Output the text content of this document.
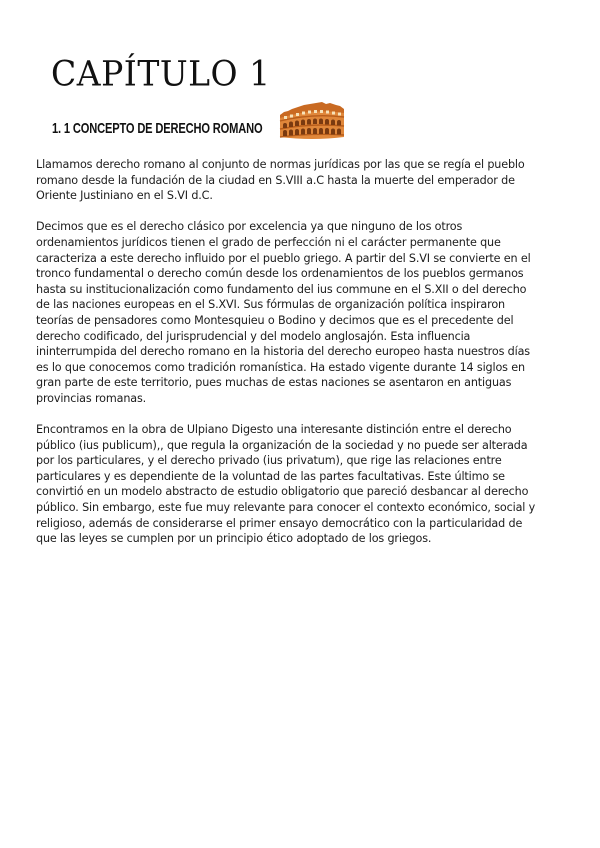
CAPÍTULO 1
1. 1 CONCEPTO DE DERECHO ROMANO

Llamamos derecho romano al conjunto de normas jurídicas por las que se regía el pueblo
romano desde la fundación de la ciudad en S.VIII a.C hasta la muerte del emperador de
Oriente Justiniano en el S.VI d.C.

Decimos que es el derecho clásico por excelencia ya que ninguno de los otros
ordenamientos jurídicos tienen el grado de perfección ni el carácter permanente que
caracteriza a este derecho influido por el pueblo griego. A partir del S.VI se convierte en el
tronco fundamental o derecho común desde los ordenamientos de los pueblos germanos
hasta su institucionalización como fundamento del ius commune en el S.XII o del derecho
de las naciones europeas en el S.XVI. Sus fórmulas de organización política inspiraron
teorías de pensadores como Montesquieu o Bodino y decimos que es el precedente del
derecho codificado, del jurisprudencial y del modelo anglosajón. Esta influencia
ininterrumpida del derecho romano en la historia del derecho europeo hasta nuestros días
es lo que conocemos como tradición romanística. Ha estado vigente durante 14 siglos en
gran parte de este territorio, pues muchas de estas naciones se asentaron en antiguas
provincias romanas.

Encontramos en la obra de Ulpiano Digesto una interesante distinción entre el derecho
público (ius publicum),, que regula la organización de la sociedad y no puede ser alterada
por los particulares, y el derecho privado (ius privatum), que rige las relaciones entre
particulares y es dependiente de la voluntad de las partes facultativas. Este último se
convirtió en un modelo abstracto de estudio obligatorio que pareció desbancar al derecho
público. Sin embargo, este fue muy relevante para conocer el contexto económico, social y
religioso, además de considerarse el primer ensayo democrático con la particularidad de
que las leyes se cumplen por un principio ético adoptado de los griegos.
